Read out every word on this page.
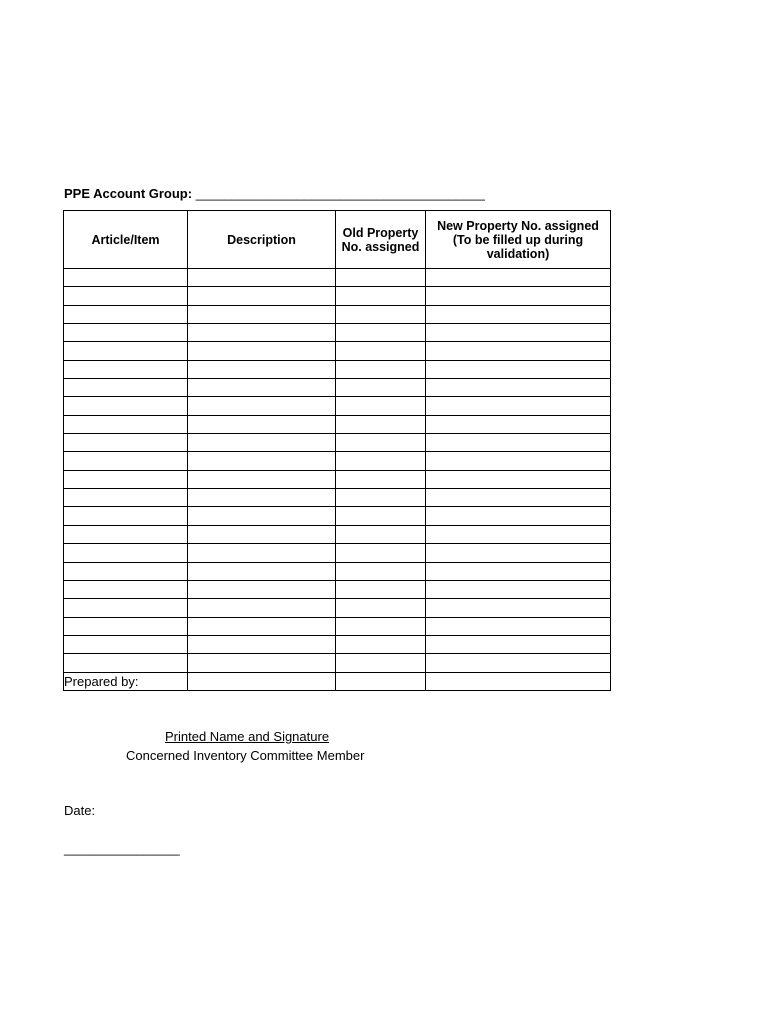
PPE Account Group: ________________________________________
Article/Item	Description	Old Property No. assigned	New Property No. assigned (To be filled up during validation)

Prepared by:
Printed Name and Signature
Concerned Inventory Committee Member
Date:
________________
